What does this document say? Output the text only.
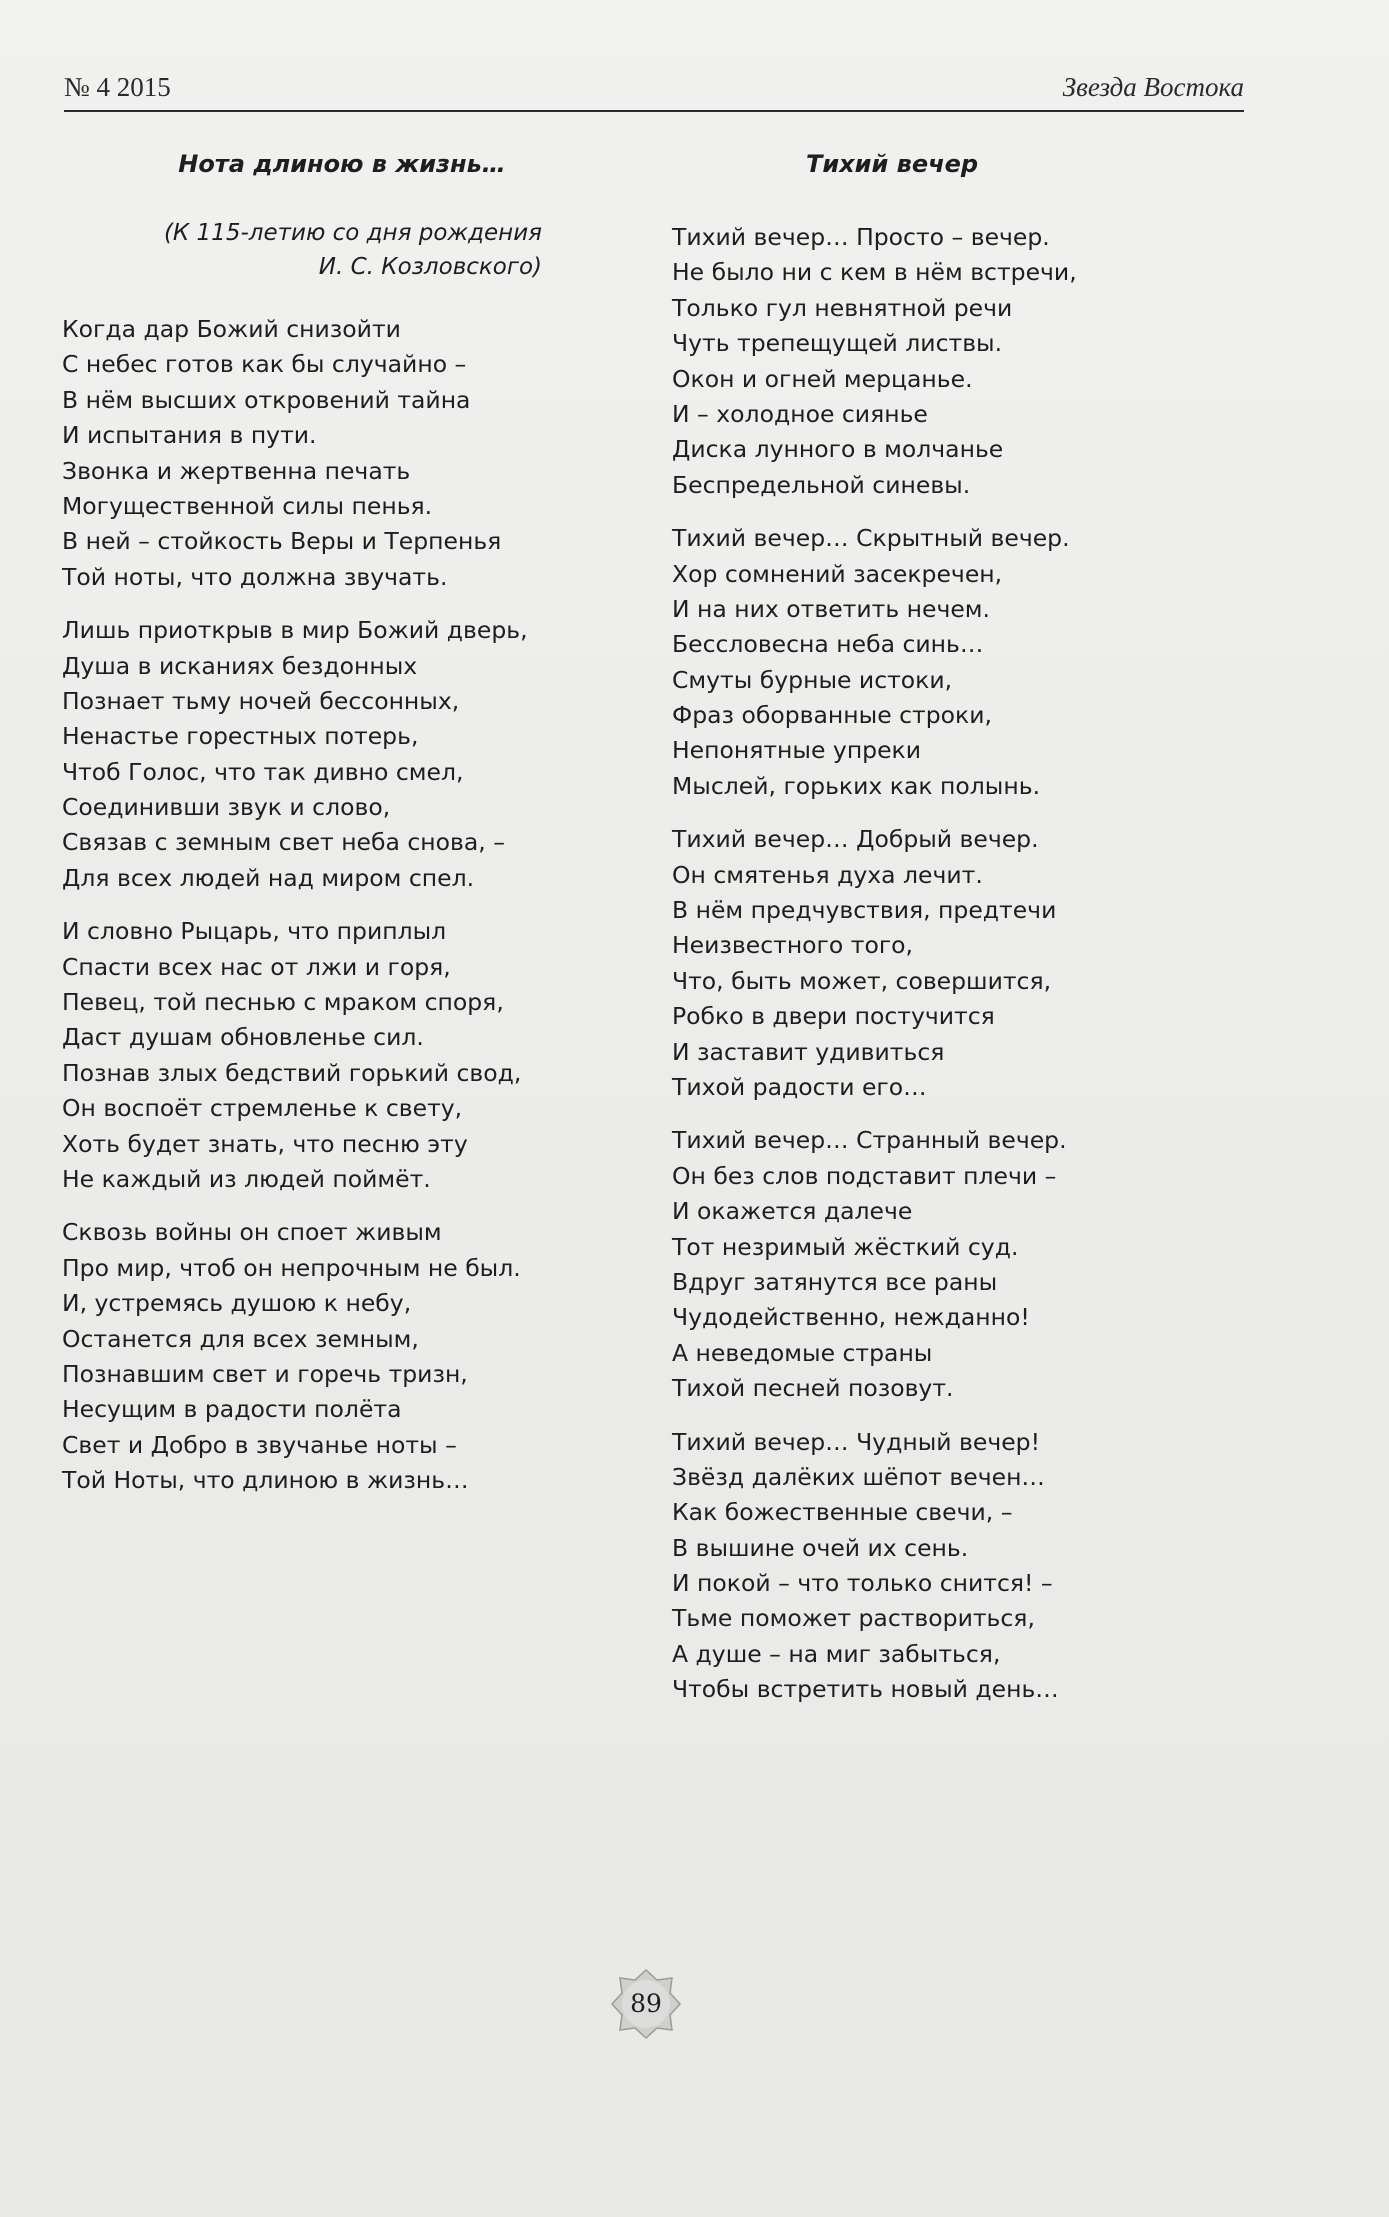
№ 4 2015	Звезда Востока
Нота длиною в жизнь…
(К 115-летию со дня рождения
И. С. Козловского)
Когда дар Божий снизойти
С небес готов как бы случайно –
В нём высших откровений тайна
И испытания в пути.
Звонка и жертвенна печать
Могущественной силы пенья.
В ней – стойкость Веры и Терпенья
Той ноты, что должна звучать.
Лишь приоткрыв в мир Божий дверь,
Душа в исканиях бездонных
Познает тьму ночей бессонных,
Ненастье горестных потерь,
Чтоб Голос, что так дивно смел,
Соединивши звук и слово,
Связав с земным свет неба снова, –
Для всех людей над миром спел.
И словно Рыцарь, что приплыл
Спасти всех нас от лжи и горя,
Певец, той песнью с мраком споря,
Даст душам обновленье сил.
Познав злых бедствий горький свод,
Он воспоёт стремленье к свету,
Хоть будет знать, что песню эту
Не каждый из людей поймёт.
Сквозь войны он споет живым
Про мир, чтоб он непрочным не был.
И, устремясь душою к небу,
Останется для всех земным,
Познавшим свет и горечь тризн,
Несущим в радости полёта
Свет и Добро в звучанье ноты –
Той Ноты, что длиною в жизнь…
Тихий вечер
Тихий вечер… Просто – вечер.
Не было ни с кем в нём встречи,
Только гул невнятной речи
Чуть трепещущей листвы.
Окон и огней мерцанье.
И – холодное сиянье
Диска лунного в молчанье
Беспредельной синевы.
Тихий вечер… Скрытный вечер.
Хор сомнений засекречен,
И на них ответить нечем.
Бессловесна неба синь…
Смуты бурные истоки,
Фраз оборванные строки,
Непонятные упреки
Мыслей, горьких как полынь.
Тихий вечер… Добрый вечер.
Он смятенья духа лечит.
В нём предчувствия, предтечи
Неизвестного того,
Что, быть может, совершится,
Робко в двери постучится
И заставит удивиться
Тихой радости его…
Тихий вечер… Странный вечер.
Он без слов подставит плечи –
И окажется далече
Тот незримый жёсткий суд.
Вдруг затянутся все раны
Чудодейственно, нежданно!
А неведомые страны
Тихой песней позовут.
Тихий вечер… Чудный вечер!
Звёзд далёких шёпот вечен…
Как божественные свечи, –
В вышине очей их сень.
И покой – что только снится! –
Тьме поможет раствориться,
А душе – на миг забыться,
Чтобы встретить новый день…
89
